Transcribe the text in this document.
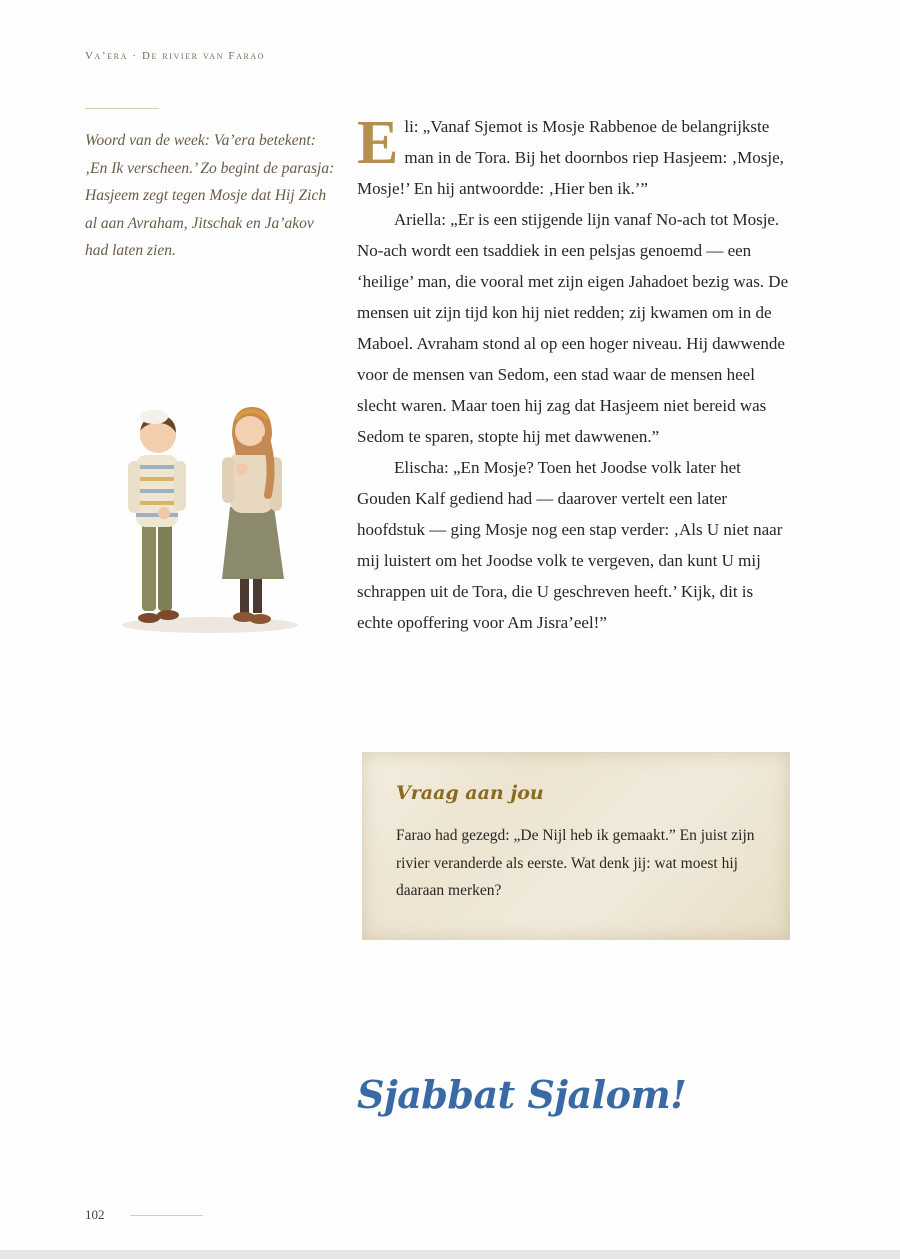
Va’era · De rivier van Farao
Woord van de week: Va’era betekent: ‚En Ik verscheen.’ Zo begint de parasja: Hasjeem zegt tegen Mosje dat Hij Zich al aan Avraham, Jitschak en Ja’akov had laten zien.

E li: „Vanaf Sjemot is Mosje Rabbenoe de belangrijkste man in de Tora. Bij het doornbos riep Hasjeem: ‚Mosje, Mosje!’ En hij antwoordde: ‚Hier ben ik.’”

Ariella: „Er is een stijgende lijn vanaf No-ach tot Mosje. No-ach wordt een tsaddiek in een pelsjas genoemd — een ‘heilige’ man, die vooral met zijn eigen Jahadoet bezig was. De mensen uit zijn tijd kon hij niet redden; zij kwamen om in de Maboel. Avraham stond al op een hoger niveau. Hij dawwende voor de mensen van Sedom, een stad waar de mensen heel slecht waren. Maar toen hij zag dat Hasjeem niet bereid was Sedom te sparen, stopte hij met dawwenen.”

Elischa: „En Mosje? Toen het Joodse volk later het Gouden Kalf gediend had — daarover vertelt een later hoofdstuk — ging Mosje nog een stap verder: ‚Als U niet naar mij luistert om het Joodse volk te vergeven, dan kunt U mij schrappen uit de Tora, die U geschreven heeft.’ Kijk, dit is echte opoffering voor Am Jisra’eel!”

Vraag aan jou
Farao had gezegd: „De Nijl heb ik gemaakt.” En juist zijn rivier veranderde als eerste. Wat denk jij: wat moest hij daaraan merken?
Sjabbat Sjalom!
102
